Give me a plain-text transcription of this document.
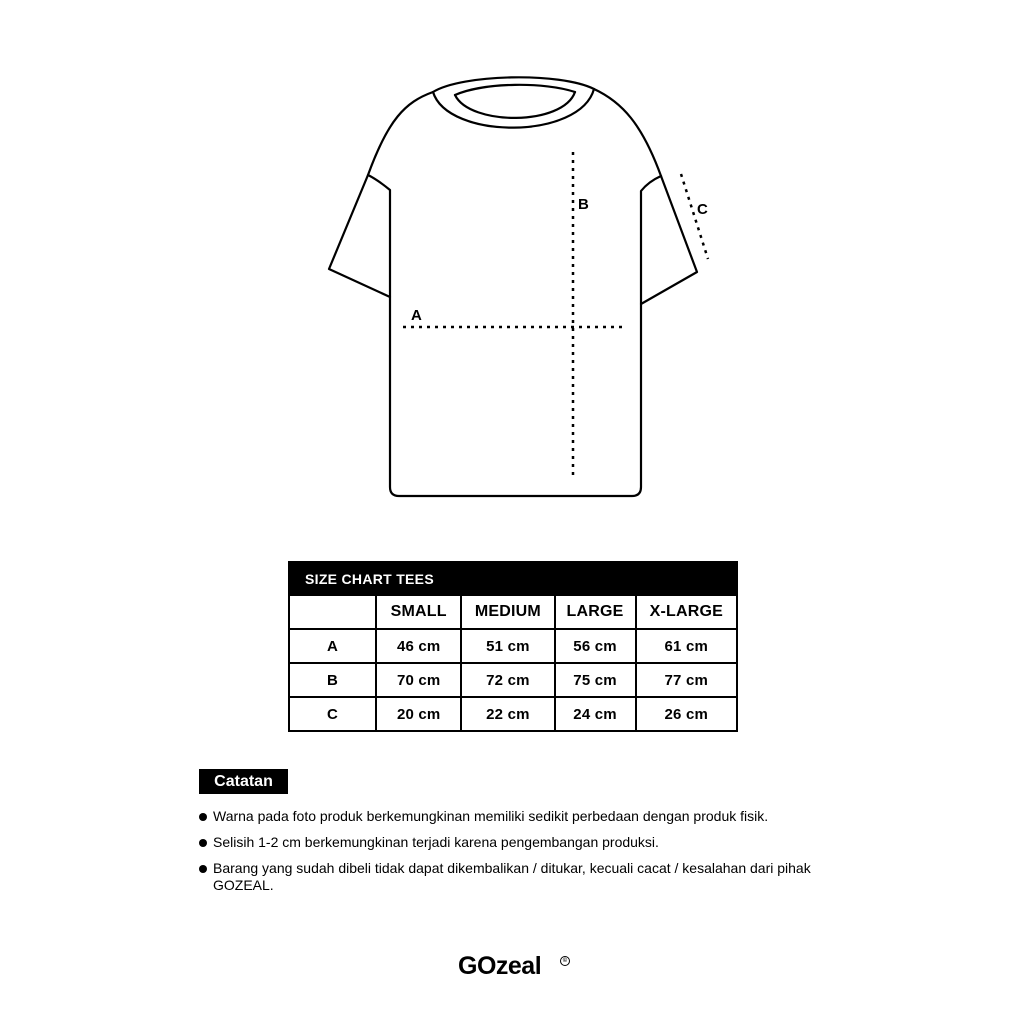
A
B	C
SIZE CHART TEES				
	SMALL	MEDIUM	LARGE	X-LARGE
A	46 cm	51 cm	56 cm	61 cm
B	70 cm	72 cm	75 cm	77 cm
C	20 cm	22 cm	24 cm	26 cm
Catatan
Warna pada foto produk berkemungkinan memiliki sedikit perbedaan dengan produk fisik.
Selisih 1-2 cm berkemungkinan terjadi karena pengembangan produksi.
Barang yang sudah dibeli tidak dapat dikembalikan / ditukar, kecuali cacat / kesalahan dari pihak GOZEAL.
GOzeal	©
